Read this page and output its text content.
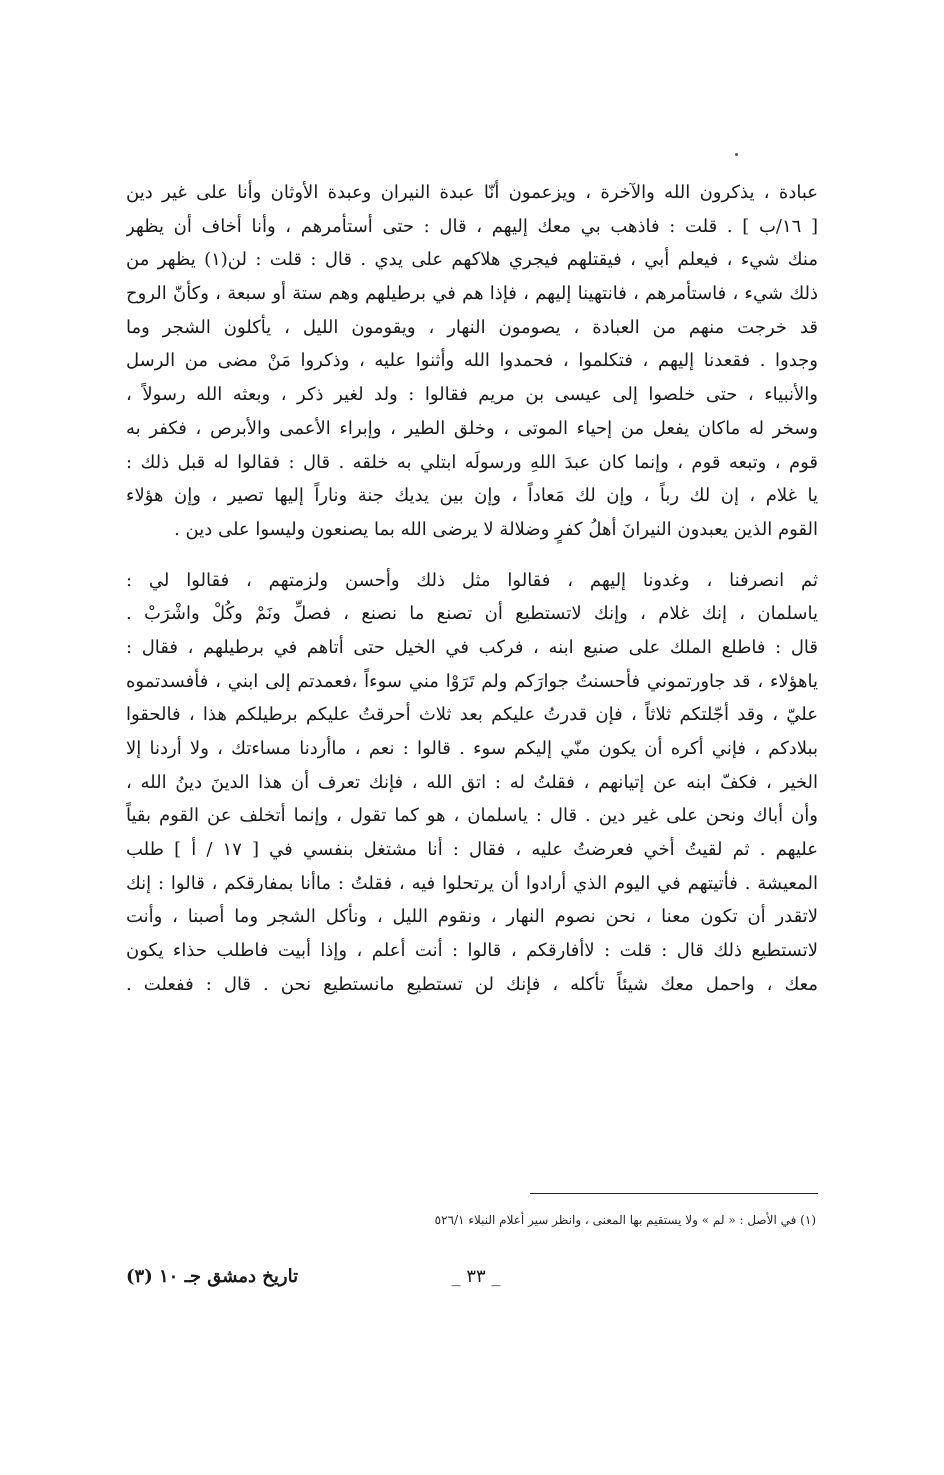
عبادة ، يذكرون الله والآخرة ، ويزعمون أنّا عبدة النيران وعبدة الأوثان وأنا على غير دين
[ ١٦/ب ] . قلت : فاذهب بي معك إليهم ، قال : حتى أستأمرهم ، وأنا أخاف أن يظهر
منك شيء ، فيعلم أبي ، فيقتلهم فيجري هلاكهم على يدي . قال : قلت : لن(١) يظهر من
ذلك شيء ، فاستأمرهم ، فانتهينا إليهم ، فإذا هم في برطيلهم وهم ستة أو سبعة ، وكأنّ الروح
قد خرجت منهم من العبادة ، يصومون النهار ، ويقومون الليل ، يأكلون الشجر وما
وجدوا . فقعدنا إليهم ، فتكلموا ، فحمدوا الله وأثنوا عليه ، وذكروا مَنْ مضى من الرسل
والأنبياء ، حتى خلصوا إلى عيسى بن مريم فقالوا : ولد لغير ذكر ، وبعثه الله رسولاً ،
وسخر له ماكان يفعل من إحياء الموتى ، وخلق الطير ، وإبراء الأعمى والأبرص ، فكفر به
قوم ، وتبعه قوم ، وإنما كان عبدَ اللهِ ورسولَه ابتلي به خلقه . قال : فقالوا له قبل ذلك :
يا غلام ، إن لك رباً ، وإن لك مَعاداً ، وإن بين يديك جنة وناراً إليها تصير ، وإن هؤلاء
القوم الذين يعبدون النيرانَ أهلُ كفرٍ وضلالة لا يرضى الله بما يصنعون وليسوا على دين .
ثم انصرفنا ، وغدونا إليهم ، فقالوا مثل ذلك وأحسن ولزمتهم ، فقالوا لي :
ياسلمان ، إنك غلام ، وإنك لاتستطيع أن تصنع ما نصنع ، فصلِّ ونَمْ وكُلْ واشْرَبْ .
قال : فاطلع الملك على صنيع ابنه ، فركب في الخيل حتى أتاهم في برطيلهم ، فقال :
ياهؤلاء ، قد جاورتموني فأحسنتُ جوارَكم ولم تَرَوْا مني سوءاً ،فعمدتم إلى ابني ، فأفسدتموه
عليّ ، وقد أجّلتكم ثلاثاً ، فإن قدرتُ عليكم بعد ثلاث أحرقتُ عليكم برطيلكم هذا ، فالحقوا
ببلادكم ، فإني أكره أن يكون منّي إليكم سوء . قالوا : نعم ، ماأردنا مساءتك ، ولا أردنا إلا
الخير ، فكفّ ابنه عن إتيانهم ، فقلتُ له : اتق الله ، فإنك تعرف أن هذا الدينَ دينُ الله ،
وأن أباك ونحن على غير دين . قال : ياسلمان ، هو كما تقول ، وإنما أتخلف عن القوم بقياً
عليهم . ثم لقيتُ أخي فعرضتُ عليه ، فقال : أنا مشتغل بنفسي في [ ١٧ / أ ] طلب
المعيشة . فأتيتهم في اليوم الذي أرادوا أن يرتحلوا فيه ، فقلتُ : ماأنا بمفارقكم ، قالوا : إنك
لاتقدر أن تكون معنا ، نحن نصوم النهار ، ونقوم الليل ، ونأكل الشجر وما أصبنا ، وأنت
لاتستطيع ذلك قال : قلت : لاأفارقكم ، قالوا : أنت أعلم ، وإذا أبيت فاطلب حذاء يكون
معك ، واحمل معك شيئاً تأكله ، فإنك لن تستطيع مانستطيع نحن . قال : ففعلت .
(١) في الأصل : « لم » ولا يستقيم بها المعنى ، وانظر سير أعلام النبلاء ٥٢٦/١
_ ٣٣ _
تاريخ دمشق جـ ١٠ (٣)
